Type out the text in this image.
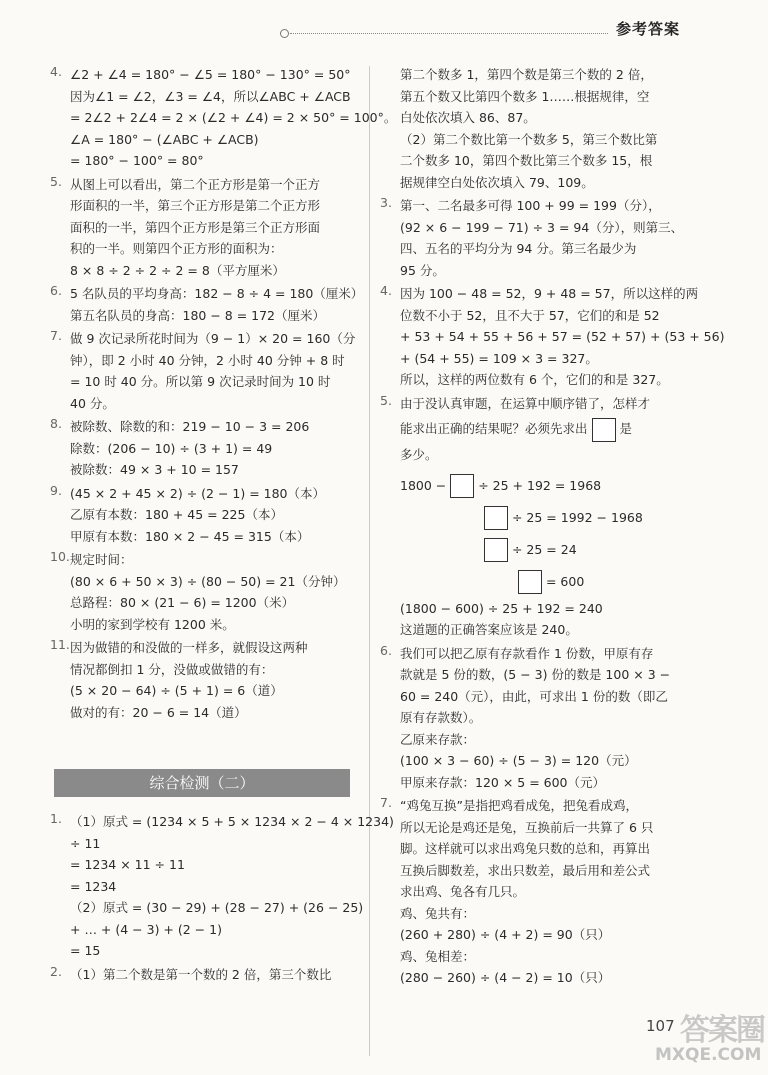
参考答案
4. ∠2 + ∠4 = 180° − ∠5 = 180° − 130° = 50°
因为∠1 = ∠2，∠3 = ∠4，所以∠ABC + ∠ACB
= 2∠2 + 2∠4 = 2 × (∠2 + ∠4) = 2 × 50° = 100°。
∠A = 180° − (∠ABC + ∠ACB)
= 180° − 100° = 80°
5. 从图上可以看出，第二个正方形是第一个正方
形面积的一半，第三个正方形是第二个正方形
面积的一半，第四个正方形是第三个正方形面
积的一半。则第四个正方形的面积为：
8 × 8 ÷ 2 ÷ 2 ÷ 2 = 8（平方厘米）
6. 5 名队员的平均身高：182 − 8 ÷ 4 = 180（厘米）
第五名队员的身高：180 − 8 = 172（厘米）
7. 做 9 次记录所花时间为（9 − 1）× 20 = 160（分
钟），即 2 小时 40 分钟，2 小时 40 分钟 + 8 时
= 10 时 40 分。所以第 9 次记录时间为 10 时
40 分。
8. 被除数、除数的和：219 − 10 − 3 = 206
除数：(206 − 10) ÷ (3 + 1) = 49
被除数：49 × 3 + 10 = 157
9. (45 × 2 + 45 × 2) ÷ (2 − 1) = 180（本）
乙原有本数：180 + 45 = 225（本）
甲原有本数：180 × 2 − 45 = 315（本）
10. 规定时间：
(80 × 6 + 50 × 3) ÷ (80 − 50) = 21（分钟）
总路程：80 × (21 − 6) = 1200（米）
小明的家到学校有 1200 米。
11. 因为做错的和没做的一样多，就假设这两种
情况都倒扣 1 分，没做或做错的有：
(5 × 20 − 64) ÷ (5 + 1) = 6（道）
做对的有：20 − 6 = 14（道）
综合检测（二）
1. （1）原式 = (1234 × 5 + 5 × 1234 × 2 − 4 × 1234)
÷ 11
= 1234 × 11 ÷ 11
= 1234
（2）原式 = (30 − 29) + (28 − 27) + (26 − 25)
+ … + (4 − 3) + (2 − 1)
= 15
2. （1）第二个数是第一个数的 2 倍，第三个数比
第二个数多 1，第四个数是第三个数的 2 倍，
第五个数又比第四个数多 1……根据规律，空
白处依次填入 86、87。
（2）第二个数比第一个数多 5，第三个数比第
二个数多 10，第四个数比第三个数多 15，根
据规律空白处依次填入 79、109。
3. 第一、二名最多可得 100 + 99 = 199（分），
(92 × 6 − 199 − 71) ÷ 3 = 94（分），则第三、
四、五名的平均分为 94 分。第三名最少为
95 分。
4. 因为 100 − 48 = 52，9 + 48 = 57，所以这样的两
位数不小于 52，且不大于 57，它们的和是 52
+ 53 + 54 + 55 + 56 + 57 = (52 + 57) + (53 + 56)
+ (54 + 55) = 109 × 3 = 327。
所以，这样的两位数有 6 个，它们的和是 327。
5. 由于没认真审题，在运算中顺序错了，怎样才
能求出正确的结果呢？必须先求出	是
多少。
1800 −	÷ 25 + 192 = 1968
÷ 25 = 1992 − 1968
÷ 25 = 24
= 600
(1800 − 600) ÷ 25 + 192 = 240
这道题的正确答案应该是 240。
6. 我们可以把乙原有存款看作 1 份数，甲原有存
款就是 5 份的数，(5 − 3) 份的数是 100 × 3 −
60 = 240（元），由此，可求出 1 份的数（即乙
原有存款数）。
乙原来存款：
(100 × 3 − 60) ÷ (5 − 3) = 120（元）
甲原来存款：120 × 5 = 600（元）
7. “鸡兔互换”是指把鸡看成兔，把兔看成鸡，
所以无论是鸡还是兔，互换前后一共算了 6 只
脚。这样就可以求出鸡兔只数的总和，再算出
互换后脚数差，求出只数差，最后用和差公式
求出鸡、兔各有几只。
鸡、兔共有：
(260 + 280) ÷ (4 + 2) = 90（只）
鸡、兔相差：
(280 − 260) ÷ (4 − 2) = 10（只）
107 答案圈
MXQE.COM
